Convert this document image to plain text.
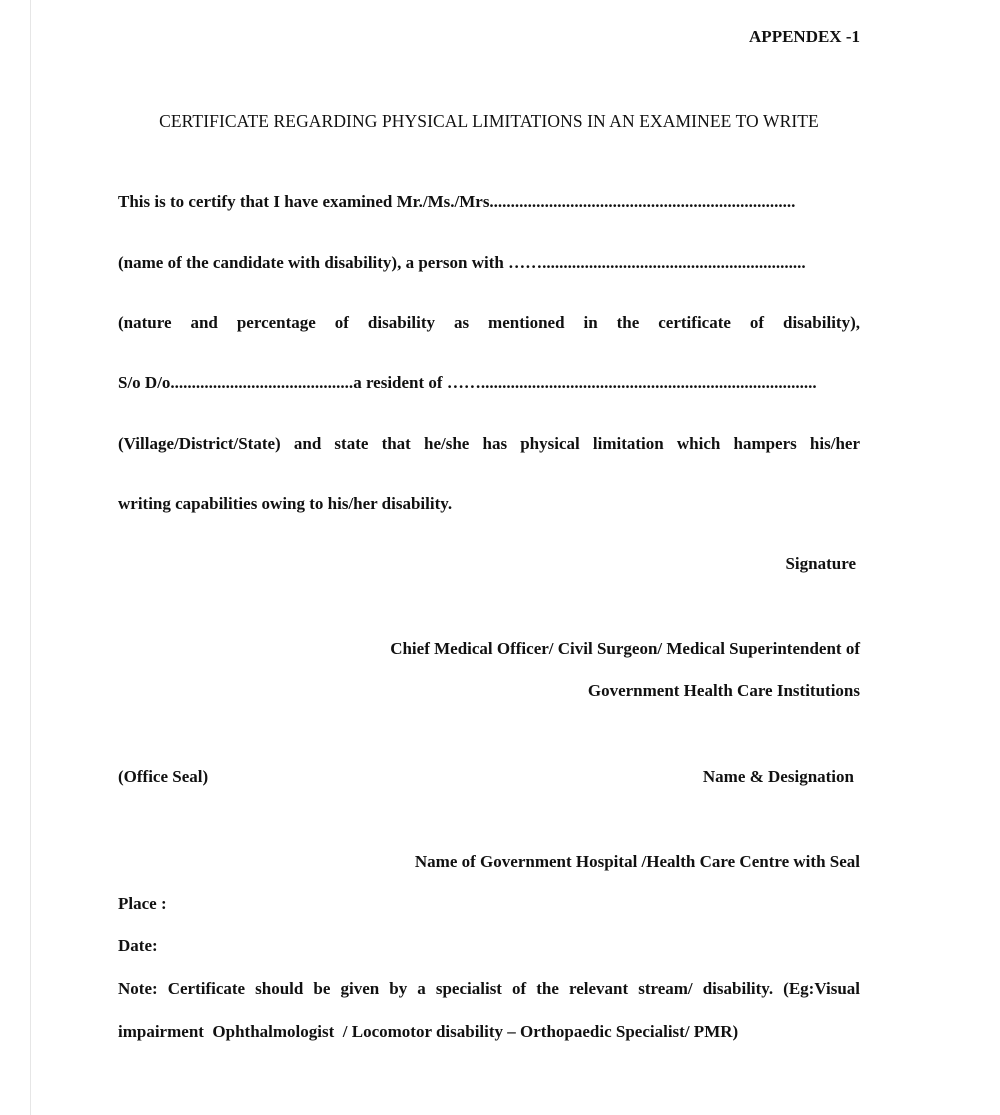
APPENDEX -1
CERTIFICATE REGARDING PHYSICAL LIMITATIONS IN AN EXAMINEE TO WRITE
This is to certify that I have examined Mr./Ms./Mrs........................................................................
(name of the candidate with disability), a person with ……..............................................................
(nature and percentage of disability as mentioned in the certificate of disability),
S/o D/o...........................................a resident of ……...............................................................................
(Village/District/State) and state that he/she has physical limitation which hampers his/her
writing capabilities owing to his/her disability.
Signature
Chief Medical Officer/ Civil Surgeon/ Medical Superintendent of
Government Health Care Institutions
(Office Seal)	Name & Designation
Name of Government Hospital /Health Care Centre with Seal
Place :
Date:
Note: Certificate should be given by a specialist of the relevant stream/ disability. (Eg:Visual
impairment  Ophthalmologist  / Locomotor disability – Orthopaedic Specialist/ PMR)
